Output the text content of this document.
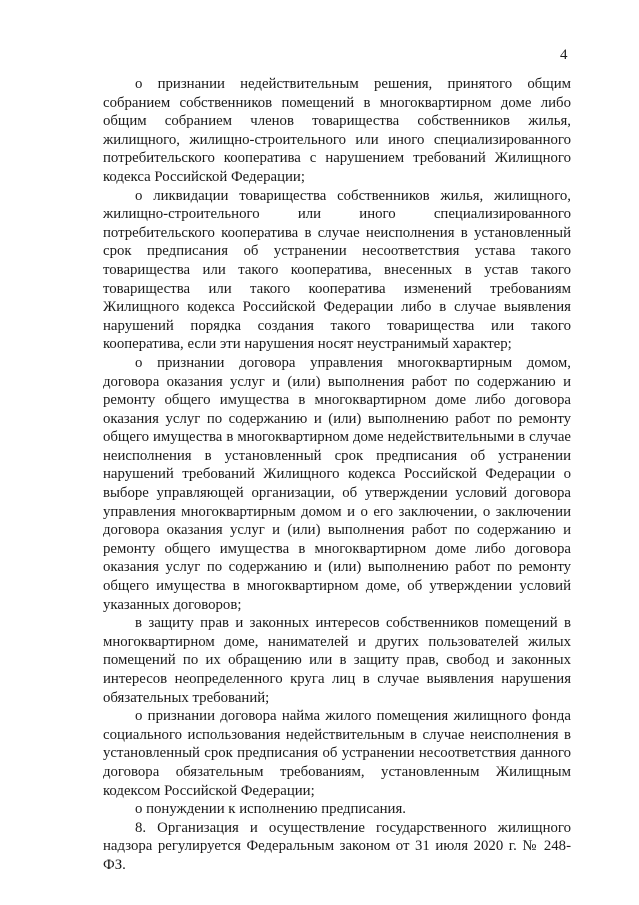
4

о признании недействительным решения, принятого общим собранием собственников помещений в многоквартирном доме либо общим собранием членов товарищества собственников жилья, жилищного, жилищно-строительного или иного специализированного потребительского кооператива с нарушением требований Жилищного кодекса Российской Федерации;

о ликвидации товарищества собственников жилья, жилищного, жилищно-строительного или иного специализированного потребительского кооператива в случае неисполнения в установленный срок предписания об устранении несоответствия устава такого товарищества или такого кооператива, внесенных в устав такого товарищества или такого кооператива изменений требованиям Жилищного кодекса Российской Федерации либо в случае выявления нарушений порядка создания такого товарищества или такого кооператива, если эти нарушения носят неустранимый характер;

о признании договора управления многоквартирным домом, договора оказания услуг и (или) выполнения работ по содержанию и ремонту общего имущества в многоквартирном доме либо договора оказания услуг по содержанию и (или) выполнению работ по ремонту общего имущества в многоквартирном доме недействительными в случае неисполнения в установленный срок предписания об устранении нарушений требований Жилищного кодекса Российской Федерации о выборе управляющей организации, об утверждении условий договора управления многоквартирным домом и о его заключении, о заключении договора оказания услуг и (или) выполнения работ по содержанию и ремонту общего имущества в многоквартирном доме либо договора оказания услуг по содержанию и (или) выполнению работ по ремонту общего имущества в многоквартирном доме, об утверждении условий указанных договоров;

в защиту прав и законных интересов собственников помещений в многоквартирном доме, нанимателей и других пользователей жилых помещений по их обращению или в защиту прав, свобод и законных интересов неопределенного круга лиц в случае выявления нарушения обязательных требований;

о признании договора найма жилого помещения жилищного фонда социального использования недействительным в случае неисполнения в установленный срок предписания об устранении несоответствия данного договора обязательным требованиям, установленным Жилищным кодексом Российской Федерации;

о понуждении к исполнению предписания.

8. Организация и осуществление государственного жилищного надзора регулируется Федеральным законом от 31 июля 2020 г. № 248-ФЗ.
